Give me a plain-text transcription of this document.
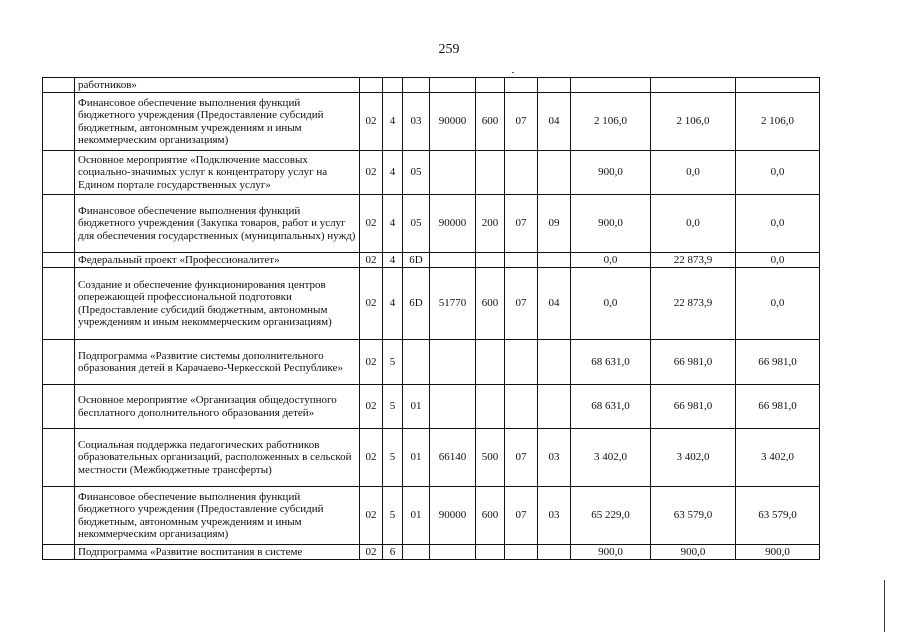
259
	работников»										
	Финансовое обеспечение выполнения функций бюджетного учреждения (Предоставление субсидий бюджетным, автономным учреждениям и иным некоммерческим организациям)	02	4	03	90000	600	07	04	2 106,0	2 106,0	2 106,0
	Основное мероприятие «Подключение массовых социально-значимых услуг к концентратору услуг на Едином портале государственных услуг»	02	4	05					900,0	0,0	0,0
	Финансовое обеспечение выполнения функций бюджетного учреждения (Закупка товаров, работ и услуг для обеспечения государственных (муниципальных) нужд)	02	4	05	90000	200	07	09	900,0	0,0	0,0
	Федеральный проект «Профессионалитет»	02	4	6D					0,0	22 873,9	0,0
	Создание и обеспечение функционирования центров опережающей профессиональной подготовки (Предоставление субсидий бюджетным, автономным учреждениям и иным некоммерческим организациям)	02	4	6D	51770	600	07	04	0,0	22 873,9	0,0
	Подпрограмма «Развитие системы дополнительного образования детей в Карачаево-Черкесской Республике»	02	5						68 631,0	66 981,0	66 981,0
	Основное мероприятие «Организация общедоступного бесплатного дополнительного образования детей»	02	5	01					68 631,0	66 981,0	66 981,0
	Социальная поддержка педагогических работников образовательных организаций, расположенных в сельской местности (Межбюджетные трансферты)	02	5	01	66140	500	07	03	3 402,0	3 402,0	3 402,0
	Финансовое обеспечение выполнения функций бюджетного учреждения (Предоставление субсидий бюджетным, автономным учреждениям и иным некоммерческим организациям)	02	5	01	90000	600	07	03	65 229,0	63 579,0	63 579,0
	Подпрограмма «Развитие воспитания в системе	02	6						900,0	900,0	900,0
